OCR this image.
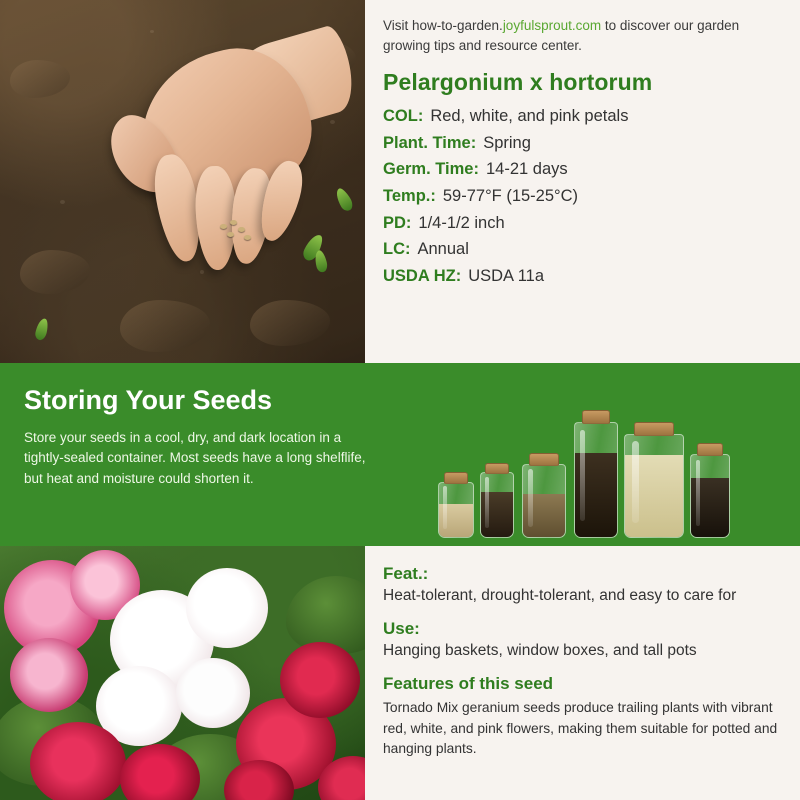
Visit how-to-garden.joyfulsprout.com to discover our garden growing tips and resource center.

Pelargonium x hortorum
COL: Red, white, and pink petals
Plant. Time: Spring
Germ. Time: 14-21 days
Temp.: 59-77°F (15-25°C)
PD: 1/4-1/2 inch
LC: Annual
USDA HZ: USDA 11a
Storing Your Seeds

Store your seeds in a cool, dry, and dark location in a tightly-sealed container. Most seeds have a long shelflife, but heat and moisture could shorten it.

Feat.:

Heat-tolerant, drought-tolerant, and easy to care for

Use:

Hanging baskets, window boxes, and tall pots

Features of this seed

Tornado Mix geranium seeds produce trailing plants with vibrant red, white, and pink flowers, making them suitable for potted and hanging plants.
